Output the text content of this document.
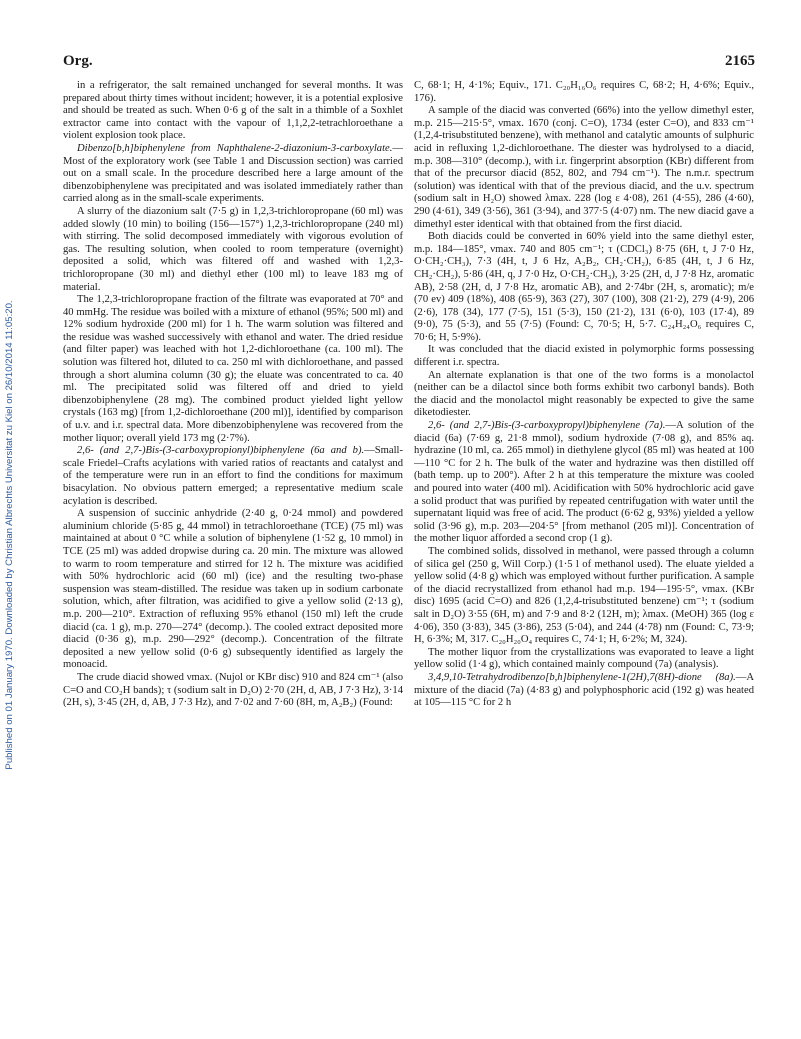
Published on 01 January 1970. Downloaded by Christian Albrechts Universitat zu Kiel on 26/10/2014 11:05:20.
Org.	2165

in a refrigerator, the salt remained unchanged for several months. It was prepared about thirty times without incident; however, it is a potential explosive and should be treated as such. When 0·6 g of the salt in a thimble of a Soxhlet extractor came into contact with the vapour of 1,1,2,2-tetrachloroethane a violent explosion took place.

Dibenzo[b,h]biphenylene from Naphthalene-2-diazonium-3-carboxylate.—Most of the exploratory work (see Table 1 and Discussion section) was carried out on a small scale. In the procedure described here a large amount of the dibenzobiphenylene was precipitated and was isolated immediately rather than carried along as in the small-scale experiments.

A slurry of the diazonium salt (7·5 g) in 1,2,3-trichloropropane (60 ml) was added slowly (10 min) to boiling (156—157°) 1,2,3-trichloropropane (240 ml) with stirring. The solid decomposed immediately with vigorous evolution of gas. The resulting solution, when cooled to room temperature (overnight) deposited a solid, which was filtered off and washed with 1,2,3-trichloropropane (30 ml) and diethyl ether (100 ml) to leave 183 mg of material.

The 1,2,3-trichloropropane fraction of the filtrate was evaporated at 70° and 40 mmHg. The residue was boiled with a mixture of ethanol (95%; 500 ml) and 12% sodium hydroxide (200 ml) for 1 h. The warm solution was filtered and the residue was washed successively with ethanol and water. The dried residue (and filter paper) was leached with hot 1,2-dichloroethane (ca. 100 ml). The solution was filtered hot, diluted to ca. 250 ml with dichloroethane, and passed through a short alumina column (30 g); the eluate was concentrated to ca. 40 ml. The precipitated solid was filtered off and dried to yield dibenzobiphenylene (28 mg). The combined product yielded light yellow crystals (163 mg) [from 1,2-dichloroethane (200 ml)], identified by comparison of u.v. and i.r. spectral data. More dibenzobiphenylene was recovered from the mother liquor; overall yield 173 mg (2·7%).

2,6- (and 2,7-)Bis-(3-carboxypropionyl)biphenylene (6a and b).—Small-scale Friedel–Crafts acylations with varied ratios of reactants and catalyst and of the temperature were run in an effort to find the conditions for maximum bisacylation. No obvious pattern emerged; a representative medium scale acylation is described.

A suspension of succinic anhydride (2·40 g, 0·24 mmol) and powdered aluminium chloride (5·85 g, 44 mmol) in tetrachloroethane (TCE) (75 ml) was maintained at about 0 °C while a solution of biphenylene (1·52 g, 10 mmol) in TCE (25 ml) was added dropwise during ca. 20 min. The mixture was allowed to warm to room temperature and stirred for 12 h. The mixture was acidified with 50% hydrochloric acid (60 ml) (ice) and the resulting two-phase suspension was steam-distilled. The residue was taken up in sodium carbonate solution, which, after filtration, was acidified to give a yellow solid (2·13 g), m.p. 200—210°. Extraction of refluxing 95% ethanol (150 ml) left the crude diacid (ca. 1 g), m.p. 270—274° (decomp.). The cooled extract deposited more diacid (0·36 g), m.p. 290—292° (decomp.). Concentration of the filtrate deposited a new yellow solid (0·6 g) subsequently identified as largely the monoacid.

The crude diacid showed νmax. (Nujol or KBr disc) 910 and 824 cm⁻¹ (also C=O and CO₂H bands); τ (sodium salt in D₂O) 2·70 (2H, d, AB, J 7·3 Hz), 3·14 (2H, s), 3·45 (2H, d, AB, J 7·3 Hz), and 7·02 and 7·60 (8H, m, A₂B₂) (Found:

C, 68·1; H, 4·1%; Equiv., 171. C₂₀H₁₆O₆ requires C, 68·2; H, 4·6%; Equiv., 176).

A sample of the diacid was converted (66%) into the yellow dimethyl ester, m.p. 215—215·5°, νmax. 1670 (conj. C=O), 1734 (ester C=O), and 833 cm⁻¹ (1,2,4-trisubstituted benzene), with methanol and catalytic amounts of sulphuric acid in refluxing 1,2-dichloroethane. The diester was hydrolysed to a diacid, m.p. 308—310° (decomp.), with i.r. fingerprint absorption (KBr) different from that of the precursor diacid (852, 802, and 794 cm⁻¹). The n.m.r. spectrum (solution) was identical with that of the previous diacid, and the u.v. spectrum (sodium salt in H₂O) showed λmax. 228 (log ε 4·08), 261 (4·55), 286 (4·60), 290 (4·61), 349 (3·56), 361 (3·94), and 377·5 (4·07) nm. The new diacid gave a dimethyl ester identical with that obtained from the first diacid.

Both diacids could be converted in 60% yield into the same diethyl ester, m.p. 184—185°, νmax. 740 and 805 cm⁻¹; τ (CDCl₃) 8·75 (6H, t, J 7·0 Hz, O·CH₂·CH₃), 7·3 (4H, t, J 6 Hz, A₂B₂, CH₂·CH₂), 6·85 (4H, t, J 6 Hz, CH₂·CH₂), 5·86 (4H, q, J 7·0 Hz, O·CH₂·CH₃), 3·25 (2H, d, J 7·8 Hz, aromatic AB), 2·58 (2H, d, J 7·8 Hz, aromatic AB), and 2·74br (2H, s, aromatic); m/e (70 ev) 409 (18%), 408 (65·9), 363 (27), 307 (100), 308 (21·2), 279 (4·9), 206 (2·6), 178 (34), 177 (7·5), 151 (5·3), 150 (21·2), 131 (6·0), 103 (17·4), 89 (9·0), 75 (5·3), and 55 (7·5) (Found: C, 70·5; H, 5·7. C₂₄H₂₄O₆ requires C, 70·6; H, 5·9%).

It was concluded that the diacid existed in polymorphic forms possessing different i.r. spectra.

An alternate explanation is that one of the two forms is a monolactol (neither can be a dilactol since both forms exhibit two carbonyl bands). Both the diacid and the monolactol might reasonably be expected to give the same diketodiester.

2,6- (and 2,7-)Bis-(3-carboxypropyl)biphenylene (7a).—A solution of the diacid (6a) (7·69 g, 21·8 mmol), sodium hydroxide (7·08 g), and 85% aq. hydrazine (10 ml, ca. 265 mmol) in diethylene glycol (85 ml) was heated at 100—110 °C for 2 h. The bulk of the water and hydrazine was then distilled off (bath temp. up to 200°). After 2 h at this temperature the mixture was cooled and poured into water (400 ml). Acidification with 50% hydrochloric acid gave a solid product that was purified by repeated centrifugation with water until the supernatant liquid was free of acid. The product (6·62 g, 93%) yielded a yellow solid (3·96 g), m.p. 203—204·5° [from methanol (205 ml)]. Concentration of the mother liquor afforded a second crop (1 g).

The combined solids, dissolved in methanol, were passed through a column of silica gel (250 g, Will Corp.) (1·5 l of methanol used). The eluate yielded a yellow solid (4·8 g) which was employed without further purification. A sample of the diacid recrystallized from ethanol had m.p. 194—195·5°, νmax. (KBr disc) 1695 (acid C=O) and 826 (1,2,4-trisubstituted benzene) cm⁻¹; τ (sodium salt in D₂O) 3·55 (6H, m) and 7·9 and 8·2 (12H, m); λmax. (MeOH) 365 (log ε 4·06), 350 (3·83), 345 (3·86), 253 (5·04), and 244 (4·78) nm (Found: C, 73·9; H, 6·3%; M, 317. C₂₀H₂₀O₄ requires C, 74·1; H, 6·2%; M, 324).

The mother liquor from the crystallizations was evaporated to leave a light yellow solid (1·4 g), which contained mainly compound (7a) (analysis).

3,4,9,10-Tetrahydrodibenzo[b,h]biphenylene-1(2H),7(8H)-dione (8a).—A mixture of the diacid (7a) (4·83 g) and polyphosphoric acid (192 g) was heated at 105—115 °C for 2 h
